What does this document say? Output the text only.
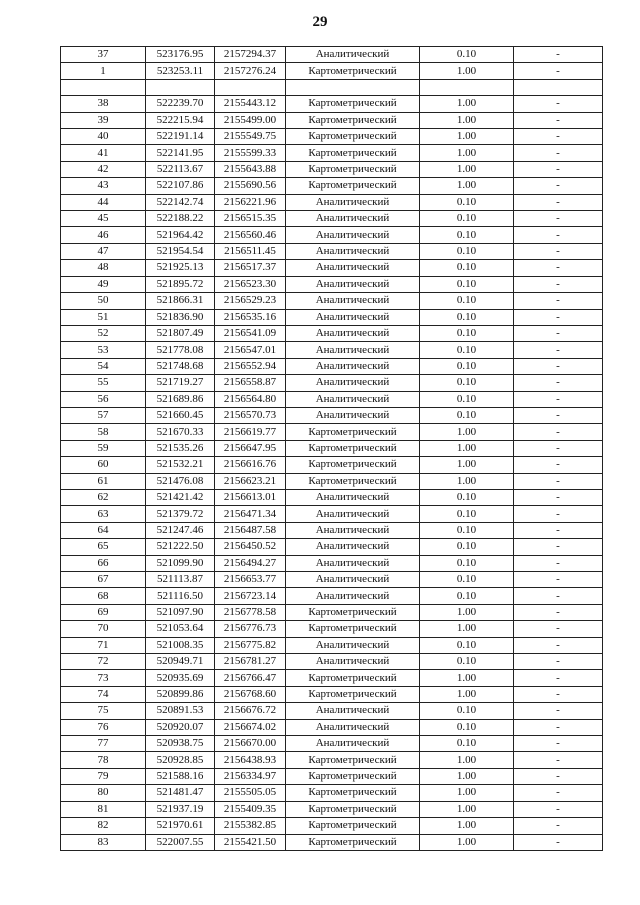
29
37	523176.95	2157294.37	Аналитический	0.10	-
1	523253.11	2157276.24	Картометрический	1.00	-

38	522239.70	2155443.12	Картометрический	1.00	-
39	522215.94	2155499.00	Картометрический	1.00	-
40	522191.14	2155549.75	Картометрический	1.00	-
41	522141.95	2155599.33	Картометрический	1.00	-
42	522113.67	2155643.88	Картометрический	1.00	-
43	522107.86	2155690.56	Картометрический	1.00	-
44	522142.74	2156221.96	Аналитический	0.10	-
45	522188.22	2156515.35	Аналитический	0.10	-
46	521964.42	2156560.46	Аналитический	0.10	-
47	521954.54	2156511.45	Аналитический	0.10	-
48	521925.13	2156517.37	Аналитический	0.10	-
49	521895.72	2156523.30	Аналитический	0.10	-
50	521866.31	2156529.23	Аналитический	0.10	-
51	521836.90	2156535.16	Аналитический	0.10	-
52	521807.49	2156541.09	Аналитический	0.10	-
53	521778.08	2156547.01	Аналитический	0.10	-
54	521748.68	2156552.94	Аналитический	0.10	-
55	521719.27	2156558.87	Аналитический	0.10	-
56	521689.86	2156564.80	Аналитический	0.10	-
57	521660.45	2156570.73	Аналитический	0.10	-
58	521670.33	2156619.77	Картометрический	1.00	-
59	521535.26	2156647.95	Картометрический	1.00	-
60	521532.21	2156616.76	Картометрический	1.00	-
61	521476.08	2156623.21	Картометрический	1.00	-
62	521421.42	2156613.01	Аналитический	0.10	-
63	521379.72	2156471.34	Аналитический	0.10	-
64	521247.46	2156487.58	Аналитический	0.10	-
65	521222.50	2156450.52	Аналитический	0.10	-
66	521099.90	2156494.27	Аналитический	0.10	-
67	521113.87	2156653.77	Аналитический	0.10	-
68	521116.50	2156723.14	Аналитический	0.10	-
69	521097.90	2156778.58	Картометрический	1.00	-
70	521053.64	2156776.73	Картометрический	1.00	-
71	521008.35	2156775.82	Аналитический	0.10	-
72	520949.71	2156781.27	Аналитический	0.10	-
73	520935.69	2156766.47	Картометрический	1.00	-
74	520899.86	2156768.60	Картометрический	1.00	-
75	520891.53	2156676.72	Аналитический	0.10	-
76	520920.07	2156674.02	Аналитический	0.10	-
77	520938.75	2156670.00	Аналитический	0.10	-
78	520928.85	2156438.93	Картометрический	1.00	-
79	521588.16	2156334.97	Картометрический	1.00	-
80	521481.47	2155505.05	Картометрический	1.00	-
81	521937.19	2155409.35	Картометрический	1.00	-
82	521970.61	2155382.85	Картометрический	1.00	-
83	522007.55	2155421.50	Картометрический	1.00	-
